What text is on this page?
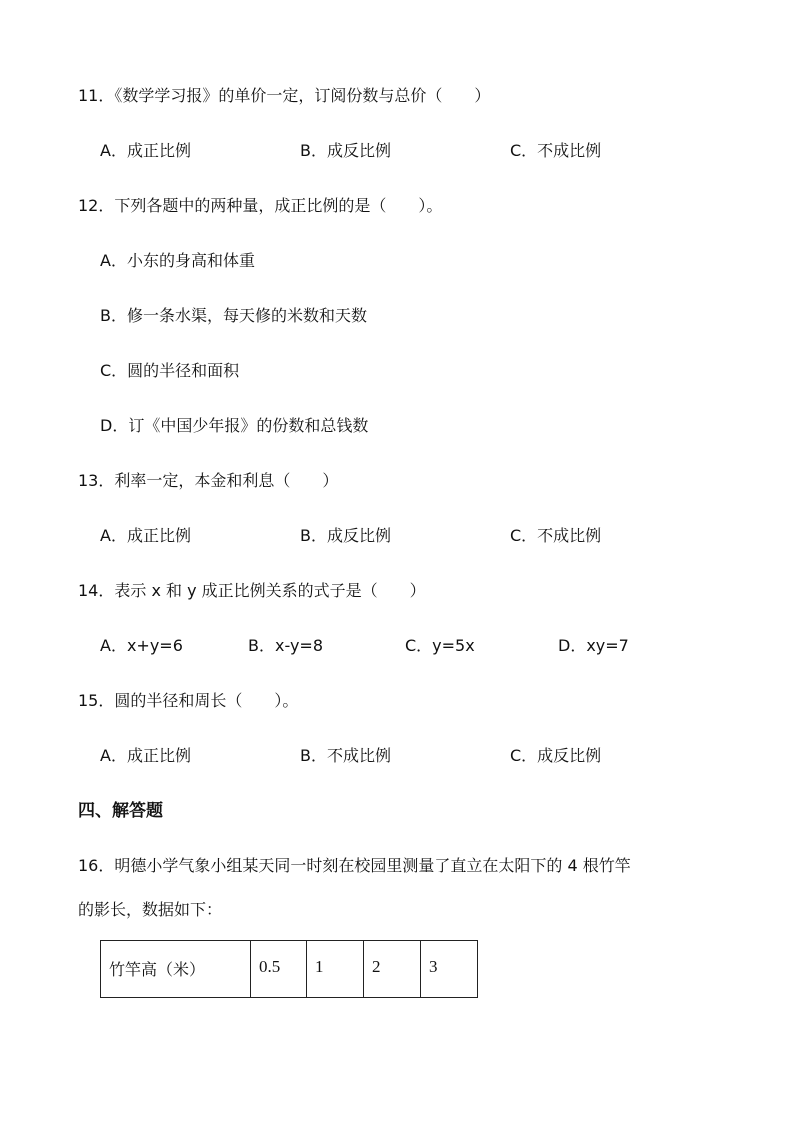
11．《数学学习报》的单价一定，订阅份数与总价（　　）
A．成正比例	B．成反比例	C．不成比例
12．下列各题中的两种量，成正比例的是（　　）。
A．小东的身高和体重
B．修一条水渠，每天修的米数和天数
C．圆的半径和面积
D．订《中国少年报》的份数和总钱数
13．利率一定，本金和利息（　　）
A．成正比例	B．成反比例	C．不成比例
14．表示 x 和 y 成正比例关系的式子是（　　）
A．x+y=6	B．x-y=8	C．y=5x	D．xy=7
15．圆的半径和周长（　　）。
A．成正比例	B．不成比例	C．成反比例
四、解答题
16．明德小学气象小组某天同一时刻在校园里测量了直立在太阳下的 4 根竹竿
的影长，数据如下：
竹竿高（米）	0.5	1	2	3
